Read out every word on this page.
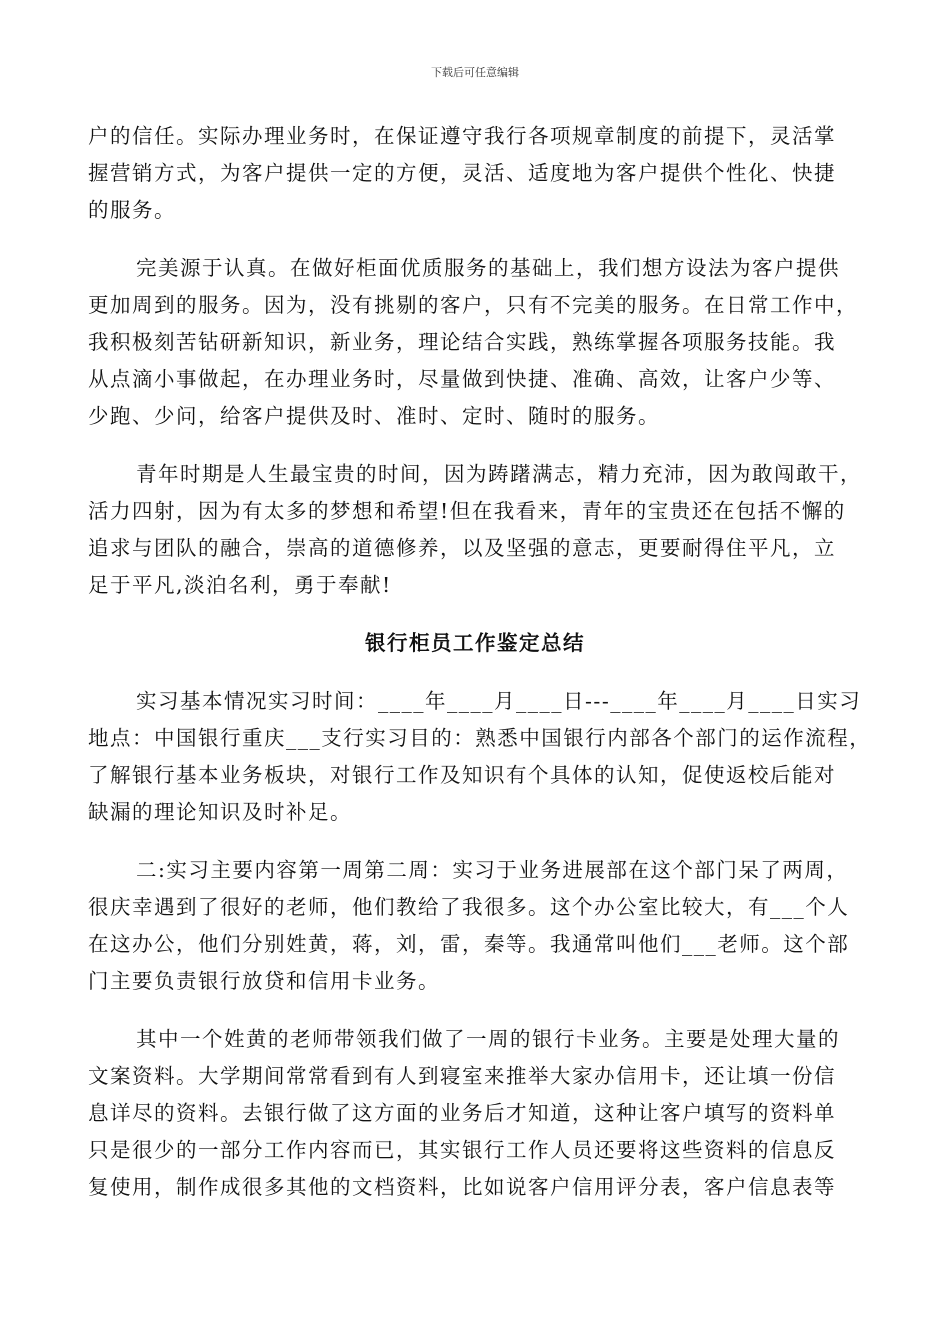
下载后可任意编辑
户的信任。实际办理业务时，在保证遵守我行各项规章制度的前提下，灵活掌
握营销方式，为客户提供一定的方便，灵活、适度地为客户提供个性化、快捷
的服务。
完美源于认真。在做好柜面优质服务的基础上，我们想方设法为客户提供
更加周到的服务。因为，没有挑剔的客户，只有不完美的服务。在日常工作中，
我积极刻苦钻研新知识，新业务，理论结合实践，熟练掌握各项服务技能。我
从点滴小事做起，在办理业务时，尽量做到快捷、准确、高效，让客户少等、
少跑、少问，给客户提供及时、准时、定时、随时的服务。
青年时期是人生最宝贵的时间，因为踌躇满志，精力充沛，因为敢闯敢干，
活力四射，因为有太多的梦想和希望!但在我看来，青年的宝贵还在包括不懈的
追求与团队的融合，崇高的道德修养，以及坚强的意志，更要耐得住平凡，立
足于平凡,淡泊名利，勇于奉献!
银行柜员工作鉴定总结
实习基本情况实习时间：____年____月____日---____年____月____日实习
地点：中国银行重庆___支行实习目的：熟悉中国银行内部各个部门的运作流程，
了解银行基本业务板块，对银行工作及知识有个具体的认知，促使返校后能对
缺漏的理论知识及时补足。
二:实习主要内容第一周第二周：实习于业务进展部在这个部门呆了两周，
很庆幸遇到了很好的老师，他们教给了我很多。这个办公室比较大，有___个人
在这办公，他们分别姓黄，蒋，刘，雷，秦等。我通常叫他们___老师。这个部
门主要负责银行放贷和信用卡业务。
其中一个姓黄的老师带领我们做了一周的银行卡业务。主要是处理大量的
文案资料。大学期间常常看到有人到寝室来推举大家办信用卡，还让填一份信
息详尽的资料。去银行做了这方面的业务后才知道，这种让客户填写的资料单
只是很少的一部分工作内容而已，其实银行工作人员还要将这些资料的信息反
复使用，制作成很多其他的文档资料，比如说客户信用评分表，客户信息表等
